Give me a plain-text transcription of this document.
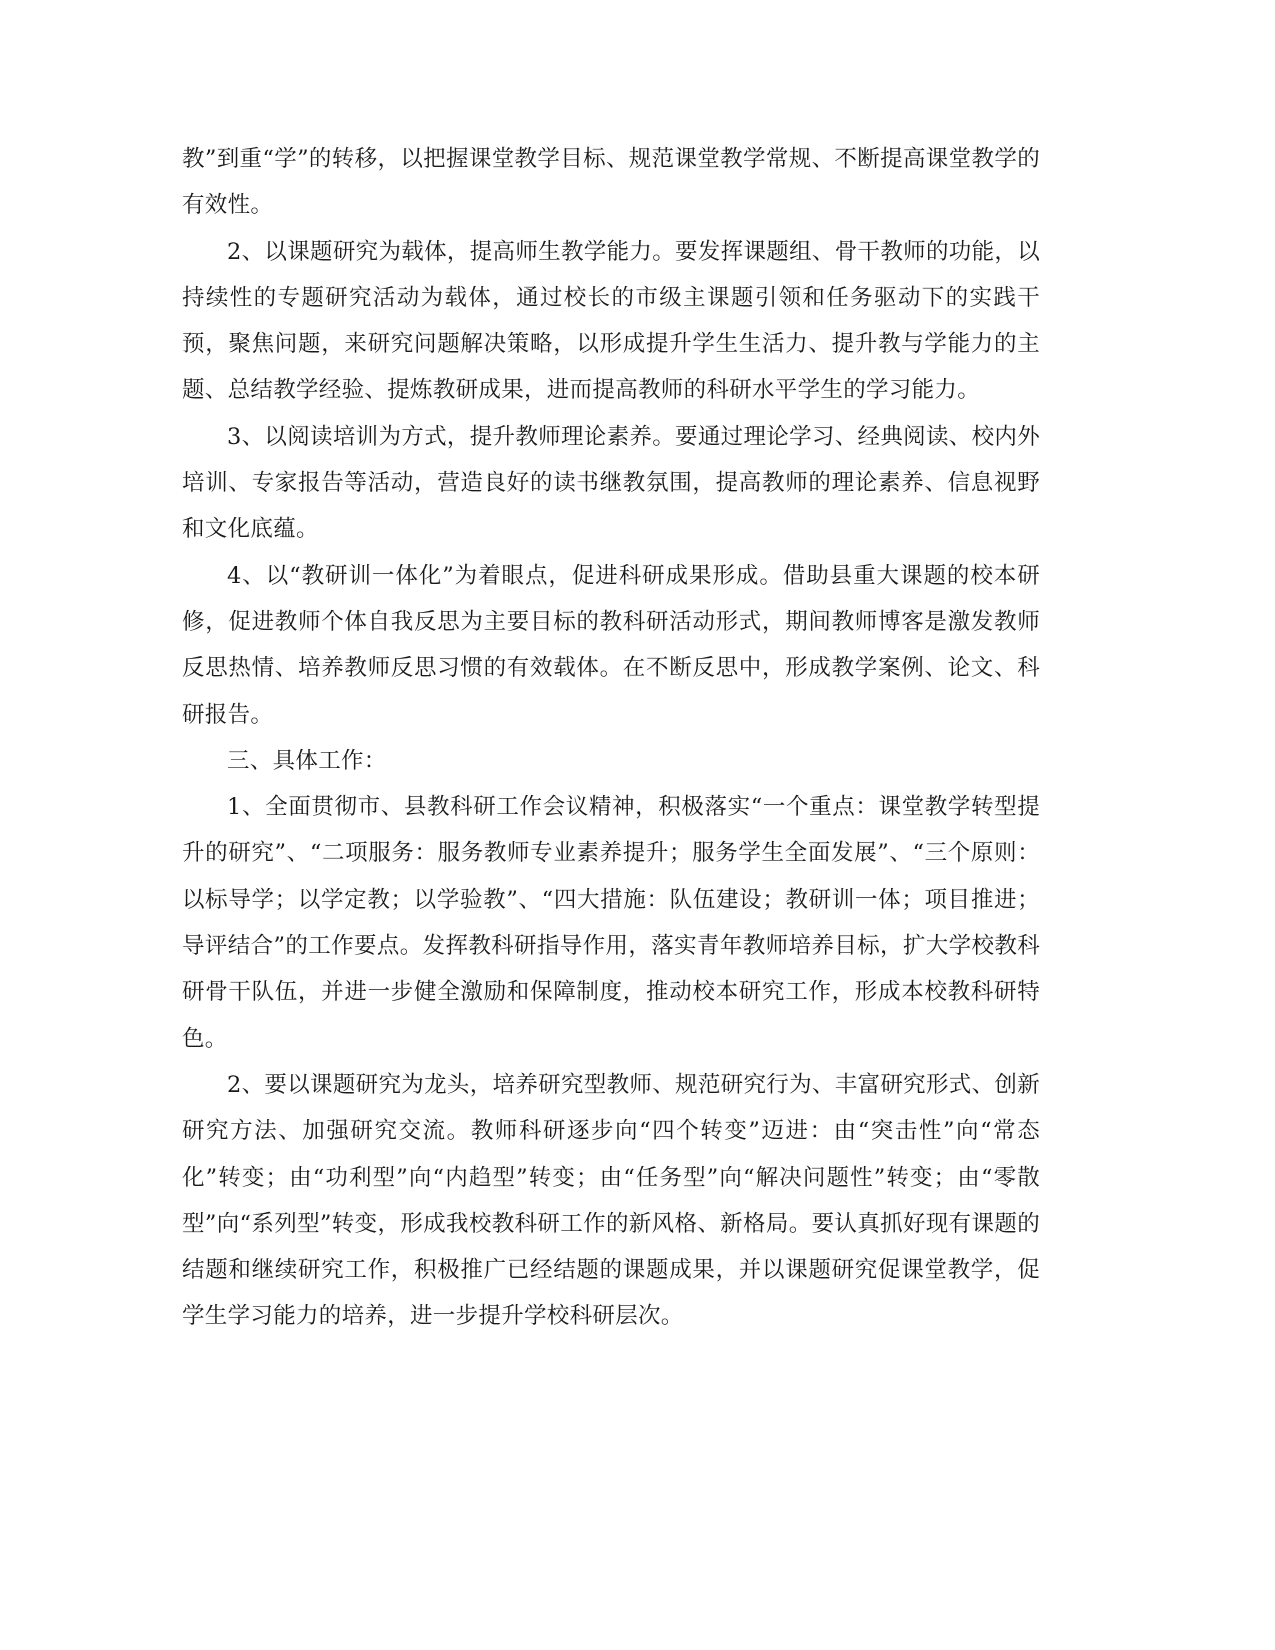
教”到重“学”的转移，以把握课堂教学目标、规范课堂教学常规、不断提高课堂教学的有效性。

2、以课题研究为载体，提高师生教学能力。要发挥课题组、骨干教师的功能，以持续性的专题研究活动为载体，通过校长的市级主课题引领和任务驱动下的实践干预，聚焦问题，来研究问题解决策略，以形成提升学生生活力、提升教与学能力的主题、总结教学经验、提炼教研成果，进而提高教师的科研水平学生的学习能力。

3、以阅读培训为方式，提升教师理论素养。要通过理论学习、经典阅读、校内外培训、专家报告等活动，营造良好的读书继教氛围，提高教师的理论素养、信息视野和文化底蕴。

4、以“教研训一体化”为着眼点，促进科研成果形成。借助县重大课题的校本研修，促进教师个体自我反思为主要目标的教科研活动形式，期间教师博客是激发教师反思热情、培养教师反思习惯的有效载体。在不断反思中，形成教学案例、论文、科研报告。

三、具体工作：

1、全面贯彻市、县教科研工作会议精神，积极落实“一个重点：课堂教学转型提升的研究”、“二项服务：服务教师专业素养提升；服务学生全面发展”、“三个原则：以标导学；以学定教；以学验教”、“四大措施：队伍建设；教研训一体；项目推进；导评结合”的工作要点。发挥教科研指导作用，落实青年教师培养目标，扩大学校教科研骨干队伍，并进一步健全激励和保障制度，推动校本研究工作，形成本校教科研特色。

2、要以课题研究为龙头，培养研究型教师、规范研究行为、丰富研究形式、创新研究方法、加强研究交流。教师科研逐步向“四个转变”迈进：由“突击性”向“常态化”转变；由“功利型”向“内趋型”转变；由“任务型”向“解决问题性”转变；由“零散型”向“系列型”转变，形成我校教科研工作的新风格、新格局。要认真抓好现有课题的结题和继续研究工作，积极推广已经结题的课题成果，并以课题研究促课堂教学，促学生学习能力的培养，进一步提升学校科研层次。
